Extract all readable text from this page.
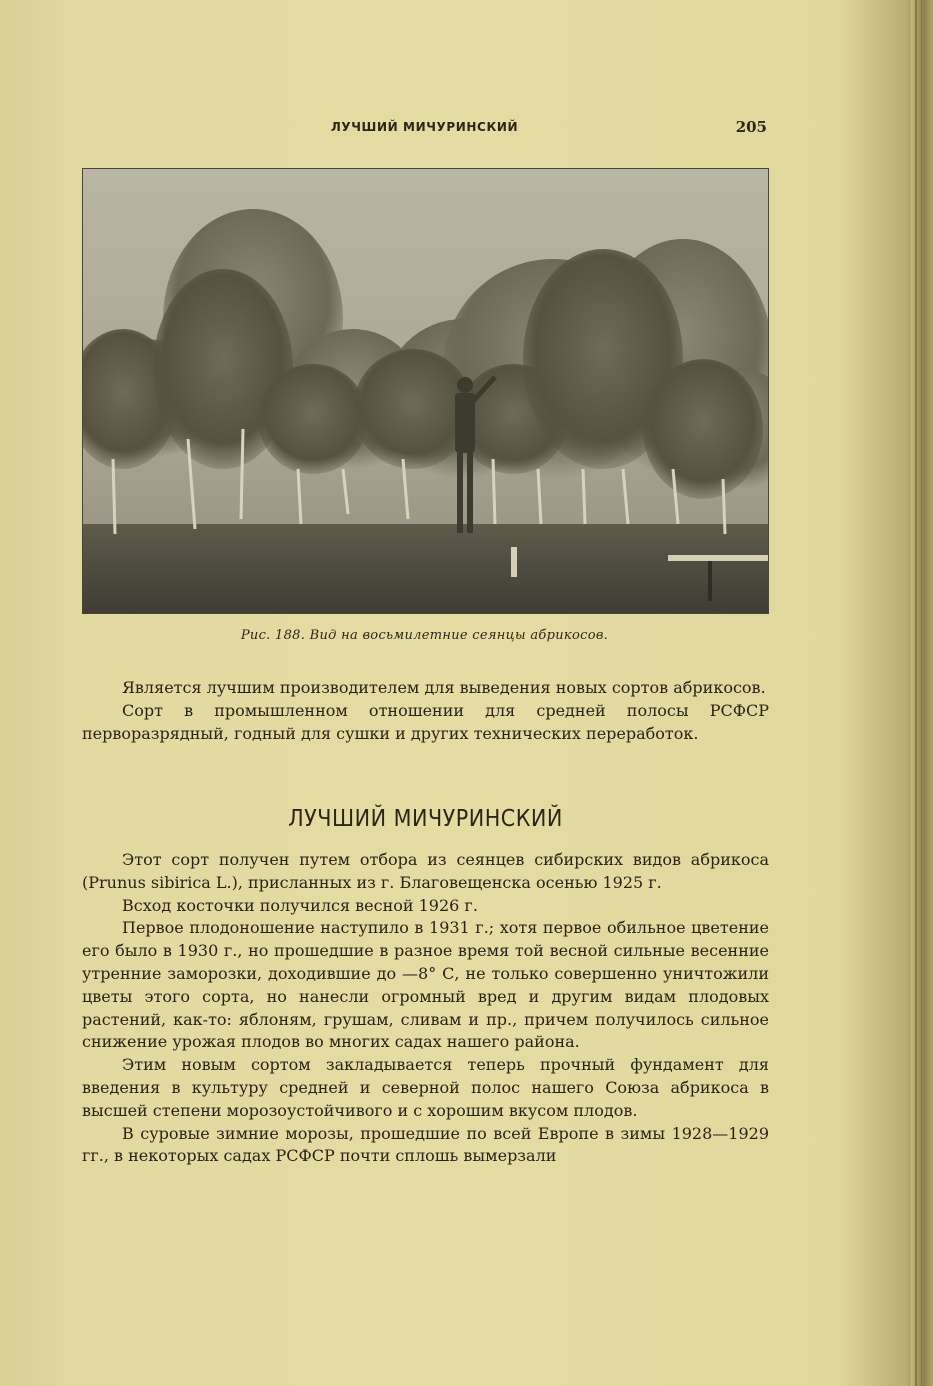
ЛУЧШИЙ МИЧУРИНСКИЙ	205
Рис. 188. Вид на восьмилетние сеянцы абрикосов.

Является лучшим производителем для выведения новых сортов абрикосов.

Сорт в промышленном отношении для средней полосы РСФСР перворазрядный, годный для сушки и других технических переработок.

ЛУЧШИЙ МИЧУРИНСКИЙ

Этот сорт получен путем отбора из сеянцев сибирских видов абрикоса (Prunus sibirica L.), присланных из г. Благовещенска осенью 1925 г.

Всход косточки получился весной 1926 г.

Первое плодоношение наступило в 1931 г.; хотя первое обильное цветение его было в 1930 г., но прошедшие в разное время той весной сильные весенние утренние заморозки, доходившие до —8° С, не только совершенно уничтожили цветы этого сорта, но нанесли огромный вред и другим видам плодовых растений, как-то: яблоням, грушам, сливам и пр., причем получилось сильное снижение урожая плодов во многих садах нашего района.

Этим новым сортом закладывается теперь прочный фундамент для введения в культуру средней и северной полос нашего Союза абрикоса в высшей степени морозоустойчивого и с хорошим вкусом плодов.

В суровые зимние морозы, прошедшие по всей Европе в зимы 1928—1929 гг., в некоторых садах РСФСР почти сплошь вымерзали
